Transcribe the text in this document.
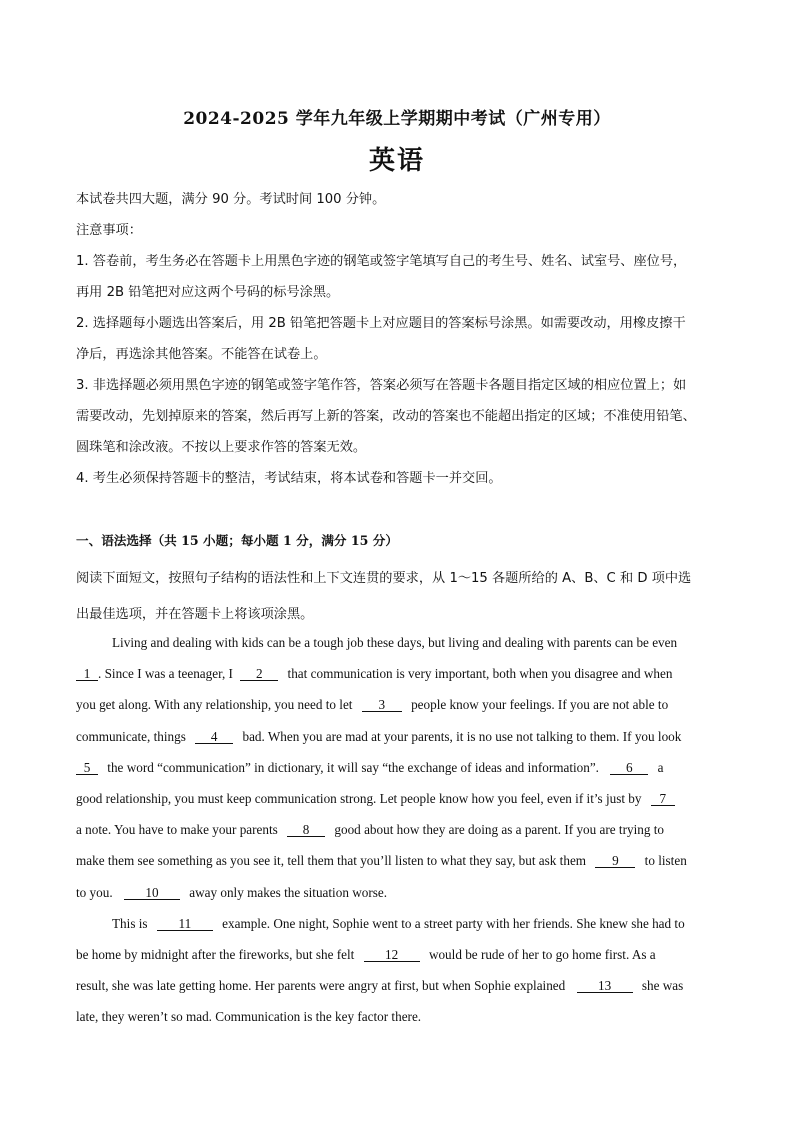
2024-2025 学年九年级上学期期中考试（广州专用）
英语
本试卷共四大题，满分 90 分。考试时间 100 分钟。
注意事项：
1. 答卷前，考生务必在答题卡上用黑色字迹的钢笔或签字笔填写自己的考生号、姓名、试室号、座位号，
再用 2B 铅笔把对应这两个号码的标号涂黑。
2. 选择题每小题选出答案后，用 2B 铅笔把答题卡上对应题目的答案标号涂黑。如需要改动，用橡皮擦干
净后，再选涂其他答案。不能答在试卷上。
3. 非选择题必须用黑色字迹的钢笔或签字笔作答，答案必须写在答题卡各题目指定区域的相应位置上；如
需要改动，先划掉原来的答案，然后再写上新的答案，改动的答案也不能超出指定的区域；不准使用铅笔、
圆珠笔和涂改液。不按以上要求作答的答案无效。
4. 考生必须保持答题卡的整洁，考试结束，将本试卷和答题卡一并交回。
一、语法选择（共 15 小题；每小题 1 分，满分 15 分）
阅读下面短文，按照句子结构的语法性和上下文连贯的要求，从 1～15 各题所给的 A、B、C 和 D 项中选
出最佳选项，并在答题卡上将该项涂黑。
Living and dealing with kids can be a tough job these days, but living and dealing with parents can be even
1 . Since I was a teenager, I 2 that communication is very important, both when you disagree and when
you get along. With any relationship, you need to let 3 people know your feelings. If you are not able to
communicate, things 4 bad. When you are mad at your parents, it is no use not talking to them. If you look
5 the word “communication” in dictionary, it will say “the exchange of ideas and information”. 6 a
good relationship, you must keep communication strong. Let people know how you feel, even if it’s just by 7
a note. You have to make your parents 8 good about how they are doing as a parent. If you are trying to
make them see something as you see it, tell them that you’ll listen to what they say, but ask them 9 to listen
to you. 10 away only makes the situation worse.
This is 11 example. One night, Sophie went to a street party with her friends. She knew she had to
be home by midnight after the fireworks, but she felt 12 would be rude of her to go home first. As a
result, she was late getting home. Her parents were angry at first, but when Sophie explained 13 she was
late, they weren’t so mad. Communication is the key factor there.
